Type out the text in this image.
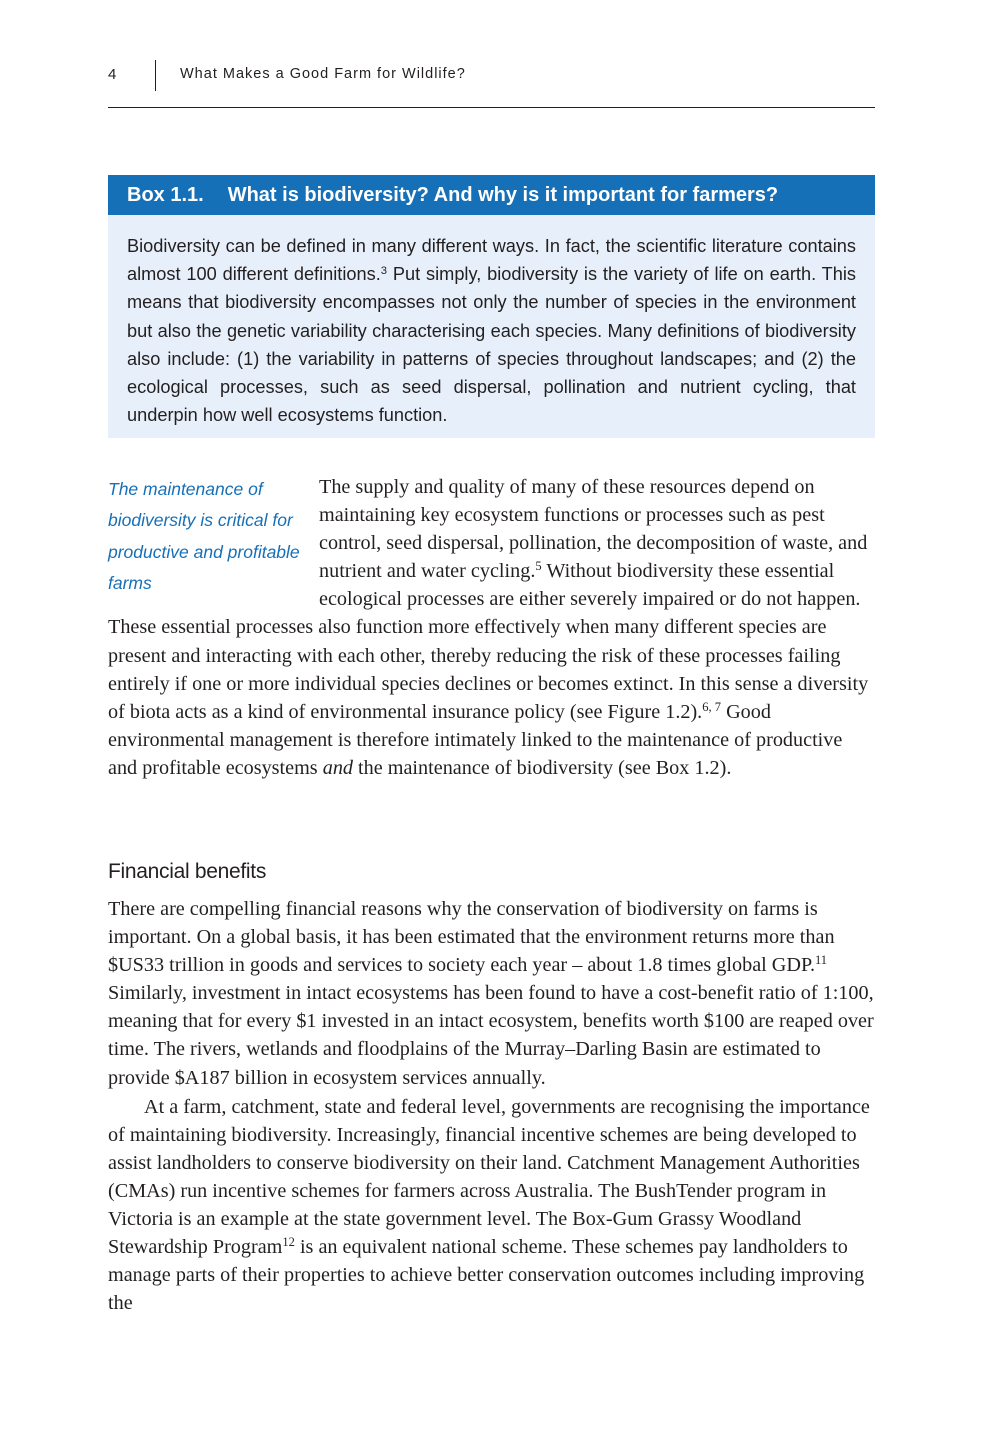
4	What Makes a Good Farm for Wildlife?
Box 1.1. What is biodiversity? And why is it important for farmers?
Biodiversity can be defined in many different ways. In fact, the scientific literature contains almost 100 different definitions.$^3$ Put simply, biodiversity is the variety of life on earth. This means that biodiversity encompasses not only the number of species in the environment but also the genetic variability characterising each species. Many definitions of biodiversity also include: (1) the variability in patterns of species throughout landscapes; and (2) the ecological processes, such as seed dispersal, pollination and nutrient cycling, that underpin how well ecosystems function.
The maintenance of biodiversity is critical for productive and profitable farms

The supply and quality of many of these resources depend on maintaining key ecosystem functions or processes such as pest control, seed dispersal, pollination, the decomposition of waste, and nutrient and water cycling.$^5$ Without biodiversity these essential ecological processes are either severely impaired or do not happen. These essential processes also function more effectively when many different species are present and interacting with each other, thereby reducing the risk of these processes failing entirely if one or more individual species declines or becomes extinct. In this sense a diversity of biota acts as a kind of environmental insurance policy (see Figure 1.2).$^{6, 7}$ Good environmental management is therefore intimately linked to the maintenance of productive and profitable ecosystems and the maintenance of biodiversity (see Box 1.2).

Financial benefits

There are compelling financial reasons why the conservation of biodiversity on farms is important. On a global basis, it has been estimated that the environment returns more than $US33 trillion in goods and services to society each year – about 1.8 times global GDP.$^{11}$ Similarly, investment in intact ecosystems has been found to have a cost-benefit ratio of 1:100, meaning that for every $1 invested in an intact ecosystem, benefits worth $100 are reaped over time. The rivers, wetlands and floodplains of the Murray–Darling Basin are estimated to provide $A187 billion in ecosystem services annually.

At a farm, catchment, state and federal level, governments are recognising the importance of maintaining biodiversity. Increasingly, financial incentive schemes are being developed to assist landholders to conserve biodiversity on their land. Catchment Management Authorities (CMAs) run incentive schemes for farmers across Australia. The BushTender program in Victoria is an example at the state government level. The Box-Gum Grassy Woodland Stewardship Program$^{12}$ is an equivalent national scheme. These schemes pay landholders to manage parts of their properties to achieve better conservation outcomes including improving the
